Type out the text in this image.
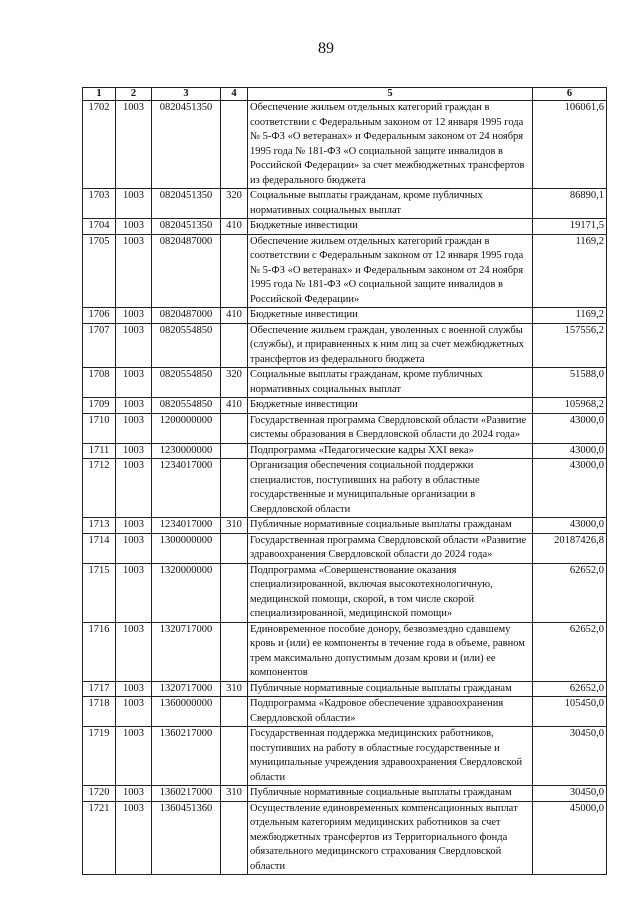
89
1	2	3	4	5	6
1702	1003	0820451350		Обеспечение жильем отдельных категорий граждан в соответствии с Федеральным законом от 12 января 1995 года № 5-ФЗ «О ветеранах» и Федеральным законом от 24 ноября 1995 года № 181-ФЗ «О социальной защите инвалидов в Российской Федерации» за счет межбюджетных трансфертов из федерального бюджета	106061,6
1703	1003	0820451350	320	Социальные выплаты гражданам, кроме публичных нормативных социальных выплат	86890,1
1704	1003	0820451350	410	Бюджетные инвестиции	19171,5
1705	1003	0820487000		Обеспечение жильем отдельных категорий граждан в соответствии с Федеральным законом от 12 января 1995 года № 5-ФЗ «О ветеранах» и Федеральным законом от 24 ноября 1995 года № 181-ФЗ «О социальной защите инвалидов в Российской Федерации»	1169,2
1706	1003	0820487000	410	Бюджетные инвестиции	1169,2
1707	1003	0820554850		Обеспечение жильем граждан, уволенных с военной службы (службы), и приравненных к ним лиц за счет межбюджетных трансфертов из федерального бюджета	157556,2
1708	1003	0820554850	320	Социальные выплаты гражданам, кроме публичных нормативных социальных выплат	51588,0
1709	1003	0820554850	410	Бюджетные инвестиции	105968,2
1710	1003	1200000000		Государственная программа Свердловской области «Развитие системы образования в Свердловской области до 2024 года»	43000,0
1711	1003	1230000000		Подпрограмма «Педагогические кадры XXI века»	43000,0
1712	1003	1234017000		Организация обеспечения социальной поддержки специалистов, поступивших на работу в областные государственные и муниципальные организации в Свердловской области	43000,0
1713	1003	1234017000	310	Публичные нормативные социальные выплаты гражданам	43000,0
1714	1003	1300000000		Государственная программа Свердловской области «Развитие здравоохранения Свердловской области до 2024 года»	20187426,8
1715	1003	1320000000		Подпрограмма «Совершенствование оказания специализированной, включая высокотехнологичную, медицинской помощи, скорой, в том числе скорой специализированной, медицинской помощи»	62652,0
1716	1003	1320717000		Единовременное пособие донору, безвозмездно сдавшему кровь и (или) ее компоненты в течение года в объеме, равном трем максимально допустимым дозам крови и (или) ее компонентов	62652,0
1717	1003	1320717000	310	Публичные нормативные социальные выплаты гражданам	62652,0
1718	1003	1360000000		Подпрограмма «Кадровое обеспечение здравоохранения Свердловской области»	105450,0
1719	1003	1360217000		Государственная поддержка медицинских работников, поступивших на работу в областные государственные и муниципальные учреждения здравоохранения Свердловской области	30450,0
1720	1003	1360217000	310	Публичные нормативные социальные выплаты гражданам	30450,0
1721	1003	1360451360		Осуществление единовременных компенсационных выплат отдельным категориям медицинских работников за счет межбюджетных трансфертов из Территориального фонда обязательного медицинского страхования Свердловской области	45000,0
